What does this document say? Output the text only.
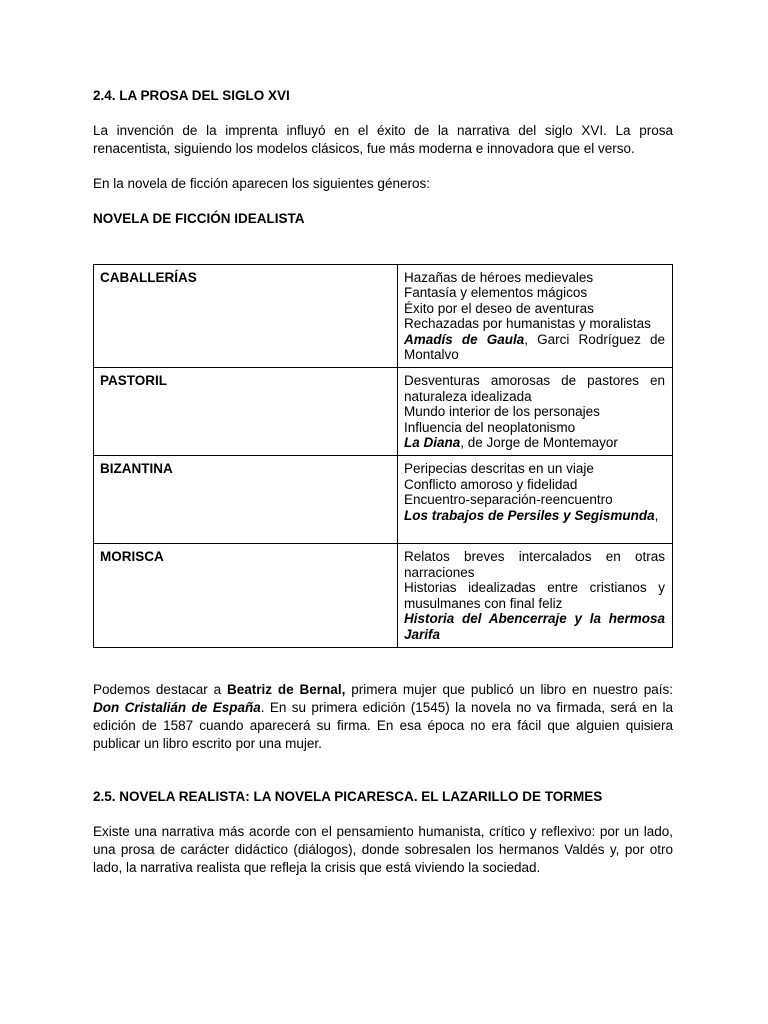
2.4. LA PROSA DEL SIGLO XVI

La invención de la imprenta influyó en el éxito de la narrativa del siglo XVI. La prosa renacentista, siguiendo los modelos clásicos, fue más moderna e innovadora que el verso.

En la novela de ficción aparecen los siguientes géneros:

NOVELA DE FICCIÓN IDEALISTA

CABALLERÍAS	Hazañas de héroes medievales
Fantasía y elementos mágicos
Éxito por el deseo de aventuras
Rechazadas por humanistas y moralistas
Amadís de Gaula, Garci Rodríguez de Montalvo

PASTORIL	Desventuras amorosas de pastores en naturaleza idealizada
Mundo interior de los personajes
Influencia del neoplatonismo
La Diana, de Jorge de Montemayor

BIZANTINA	Peripecias descritas en un viaje
Conflicto amoroso y fidelidad
Encuentro-separación-reencuentro
Los trabajos de Persiles y Segismunda,

MORISCA	Relatos breves intercalados en otras narraciones
Historias idealizadas entre cristianos y musulmanes con final feliz
Historia del Abencerraje y la hermosa Jarifa

Podemos destacar a Beatriz de Bernal, primera mujer que publicó un libro en nuestro país: Don Cristalián de España. En su primera edición (1545) la novela no va firmada, será en la edición de 1587 cuando aparecerá su firma. En esa época no era fácil que alguien quisiera publicar un libro escrito por una mujer.

2.5. NOVELA REALISTA: LA NOVELA PICARESCA. EL LAZARILLO DE TORMES

Existe una narrativa más acorde con el pensamiento humanista, crítico y reflexivo: por un lado, una prosa de carácter didáctico (diálogos), donde sobresalen los hermanos Valdés y, por otro lado, la narrativa realista que refleja la crisis que está viviendo la sociedad.
